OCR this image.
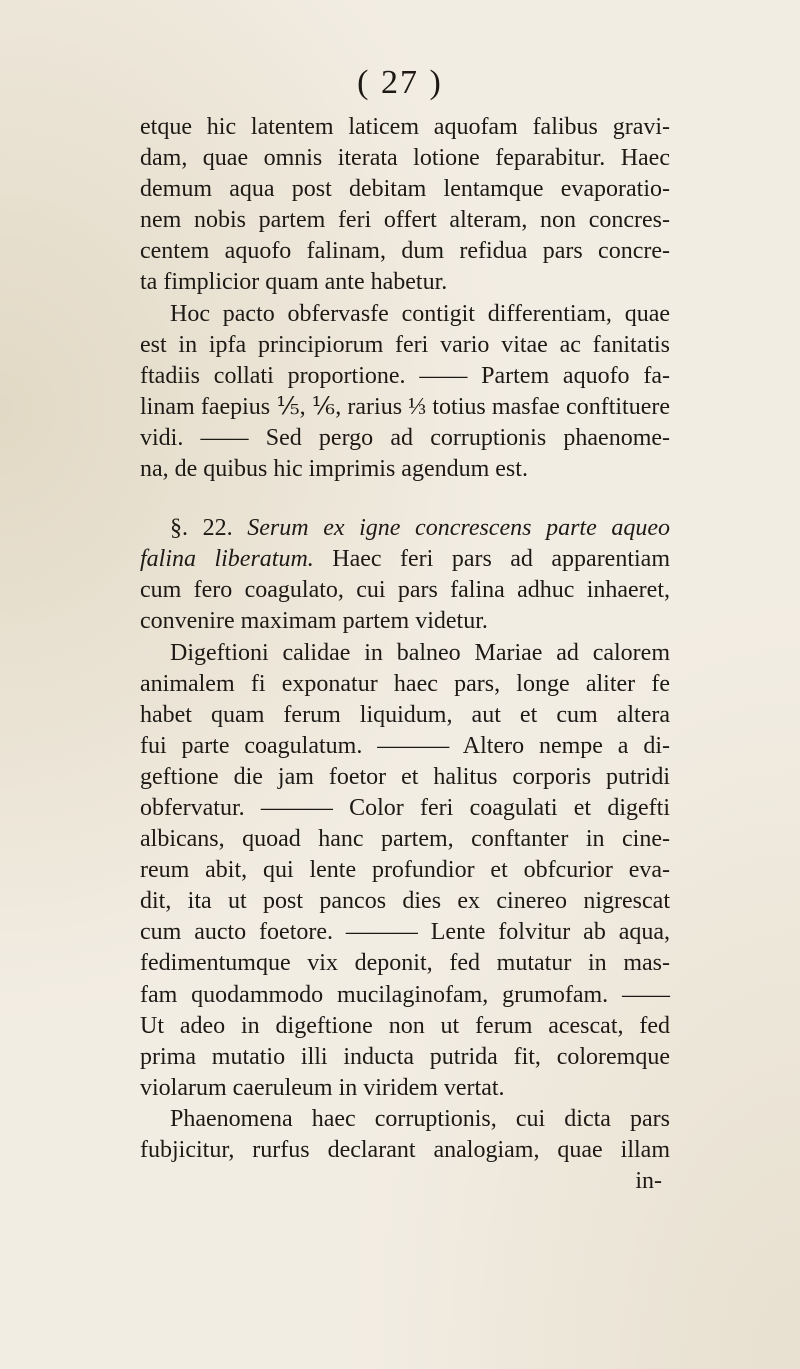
( 27 )
etque hic latentem laticem aquofam falibus gravi-
dam, quae omnis iterata lotione feparabitur. Haec
demum aqua post debitam lentamque evaporatio-
nem nobis partem feri offert alteram, non concres-
centem aquofo falinam, dum refidua pars concre-
ta fimplicior quam ante habetur.
Hoc pacto obfervasfe contigit differentiam, quae
est in ipfa principiorum feri vario vitae ac fanitatis
ftadiis collati proportione. —— Partem aquofo fa-
linam faepius ⅕, ⅙, rarius ⅓ totius masfae conftituere
vidi. —— Sed pergo ad corruptionis phaenome-
na, de quibus hic imprimis agendum est.
§. 22. Serum ex igne concrescens parte aqueo
falina liberatum. Haec feri pars ad apparentiam
cum fero coagulato, cui pars falina adhuc inhaeret,
convenire maximam partem videtur.
Digeftioni calidae in balneo Mariae ad calorem
animalem fi exponatur haec pars, longe aliter fe
habet quam ferum liquidum, aut et cum altera
fui parte coagulatum. ——— Altero nempe a di-
geftione die jam foetor et halitus corporis putridi
obfervatur. ——— Color feri coagulati et digefti
albicans, quoad hanc partem, conftanter in cine-
reum abit, qui lente profundior et obfcurior eva-
dit, ita ut post pancos dies ex cinereo nigrescat
cum aucto foetore. ——— Lente folvitur ab aqua,
fedimentumque vix deponit, fed mutatur in mas-
fam quodammodo mucilaginofam, grumofam. ——
Ut adeo in digeftione non ut ferum acescat, fed
prima mutatio illi inducta putrida fit, coloremque
violarum caeruleum in viridem vertat.
Phaenomena haec corruptionis, cui dicta pars
fubjicitur, rurfus declarant analogiam, quae illam
in-
